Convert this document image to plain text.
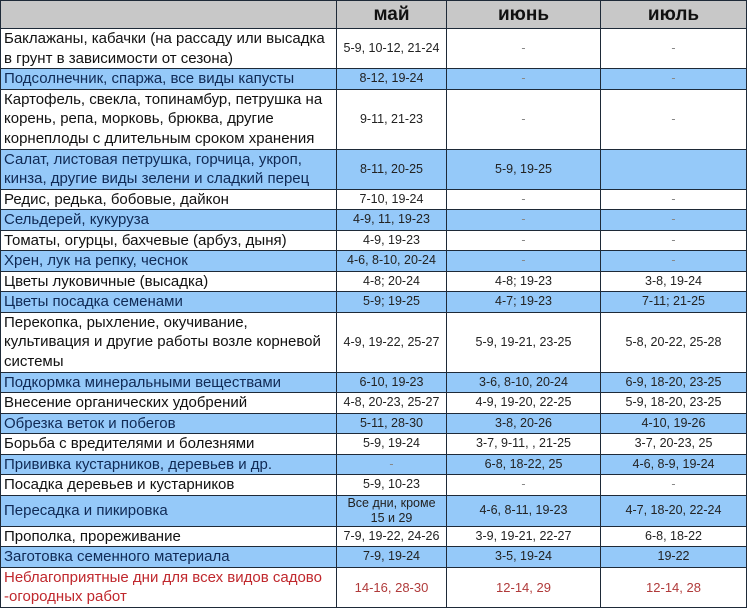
	май	июнь	июль
Баклажаны, кабачки (на рассаду или высадка в грунт в зависимости от сезона)	5-9, 10-12, 21-24	-	-
Подсолнечник, спаржа, все виды капусты	8-12, 19-24	-	-
Картофель, свекла, топинамбур, петрушка на корень, репа, морковь, брюква, другие корнеплоды с длительным сроком хранения	9-11, 21-23	-	-
Салат, листовая петрушка, горчица, укроп, кинза, другие виды зелени и сладкий перец	8-11, 20-25	5-9, 19-25	
Редис, редька, бобовые, дайкон	7-10, 19-24	-	-
Сельдерей, кукуруза	4-9, 11, 19-23	-	-
Томаты, огурцы, бахчевые (арбуз, дыня)	4-9, 19-23	-	-
Хрен, лук на репку, чеснок	4-6, 8-10, 20-24	-	-
Цветы луковичные (высадка)	4-8; 20-24	4-8; 19-23	3-8, 19-24
Цветы посадка семенами	5-9; 19-25	4-7; 19-23	7-11; 21-25
Перекопка, рыхление, окучивание, культивация и другие работы возле корневой системы	4-9, 19-22, 25-27	5-9, 19-21, 23-25	5-8, 20-22, 25-28
Подкормка минеральными веществами	6-10, 19-23	3-6, 8-10, 20-24	6-9, 18-20, 23-25
Внесение органических удобрений	4-8, 20-23, 25-27	4-9, 19-20, 22-25	5-9, 18-20, 23-25
Обрезка веток и побегов	5-11, 28-30	3-8, 20-26	4-10, 19-26
Борьба с вредителями и болезнями	5-9, 19-24	3-7, 9-11, , 21-25	3-7, 20-23, 25
Прививка кустарников, деревьев и др.	-	6-8, 18-22, 25	4-6, 8-9, 19-24
Посадка деревьев и кустарников	5-9, 10-23	-	-
Пересадка и пикировка	Все дни, кроме 15 и 29	4-6, 8-11, 19-23	4-7, 18-20, 22-24
Прополка, прореживание	7-9, 19-22, 24-26	3-9, 19-21, 22-27	6-8, 18-22
Заготовка семенного материала	7-9, 19-24	3-5, 19-24	19-22
Неблагоприятные дни для всех видов садово -огородных работ	14-16, 28-30	12-14, 29	12-14, 28
